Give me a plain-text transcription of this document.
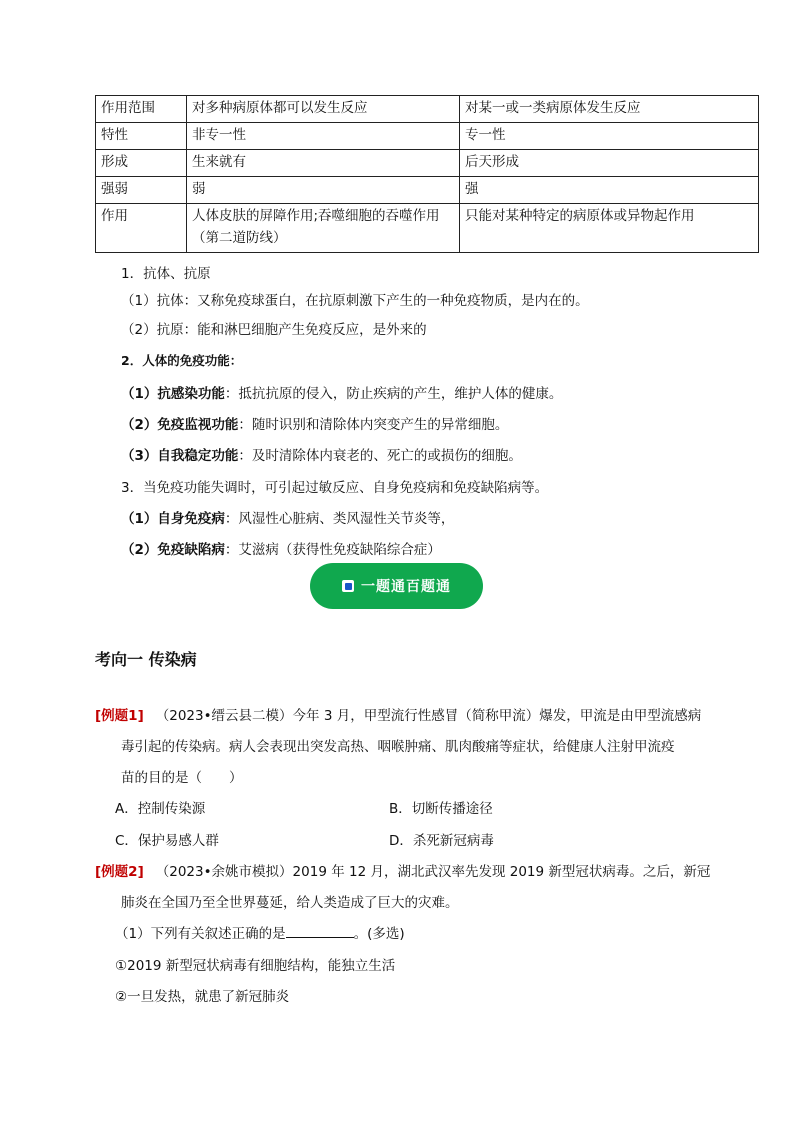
作用范围	对多种病原体都可以发生反应	对某一或一类病原体发生反应
特性	非专一性	专一性
形成	生来就有	后天形成
强弱	弱	强
作用	人体皮肤的屏障作用;吞噬细胞的吞噬作用（第二道防线）	只能对某种特定的病原体或异物起作用
1．抗体、抗原
（1）抗体：又称免疫球蛋白，在抗原刺激下产生的一种免疫物质，是内在的。
（2）抗原：能和淋巴细胞产生免疫反应，是外来的
2．人体的免疫功能：
（1）抗感染功能：抵抗抗原的侵入，防止疾病的产生，维护人体的健康。
（2）免疫监视功能：随时识别和清除体内突变产生的异常细胞。
（3）自我稳定功能：及时清除体内衰老的、死亡的或损伤的细胞。
3．当免疫功能失调时，可引起过敏反应、自身免疫病和免疫缺陷病等。
（1）自身免疫病：风湿性心脏病、类风湿性关节炎等，
（2）免疫缺陷病：艾滋病（获得性免疫缺陷综合症）
一题通百题通
考向一 传染病
[例题1] （2023•缙云县二模）今年 3 月，甲型流行性感冒（简称甲流）爆发，甲流是由甲型流感病
毒引起的传染病。病人会表现出突发高热、咽喉肿痛、肌肉酸痛等症状，给健康人注射甲流疫
苗的目的是（　　）
A．控制传染源	B．切断传播途径
C．保护易感人群	D．杀死新冠病毒
[例题2] （2023•余姚市模拟）2019 年 12 月，湖北武汉率先发现 2019 新型冠状病毒。之后，新冠
肺炎在全国乃至全世界蔓延，给人类造成了巨大的灾难。
（1）下列有关叙述正确的是	。(多选)
①2019 新型冠状病毒有细胞结构，能独立生活
②一旦发热，就患了新冠肺炎
